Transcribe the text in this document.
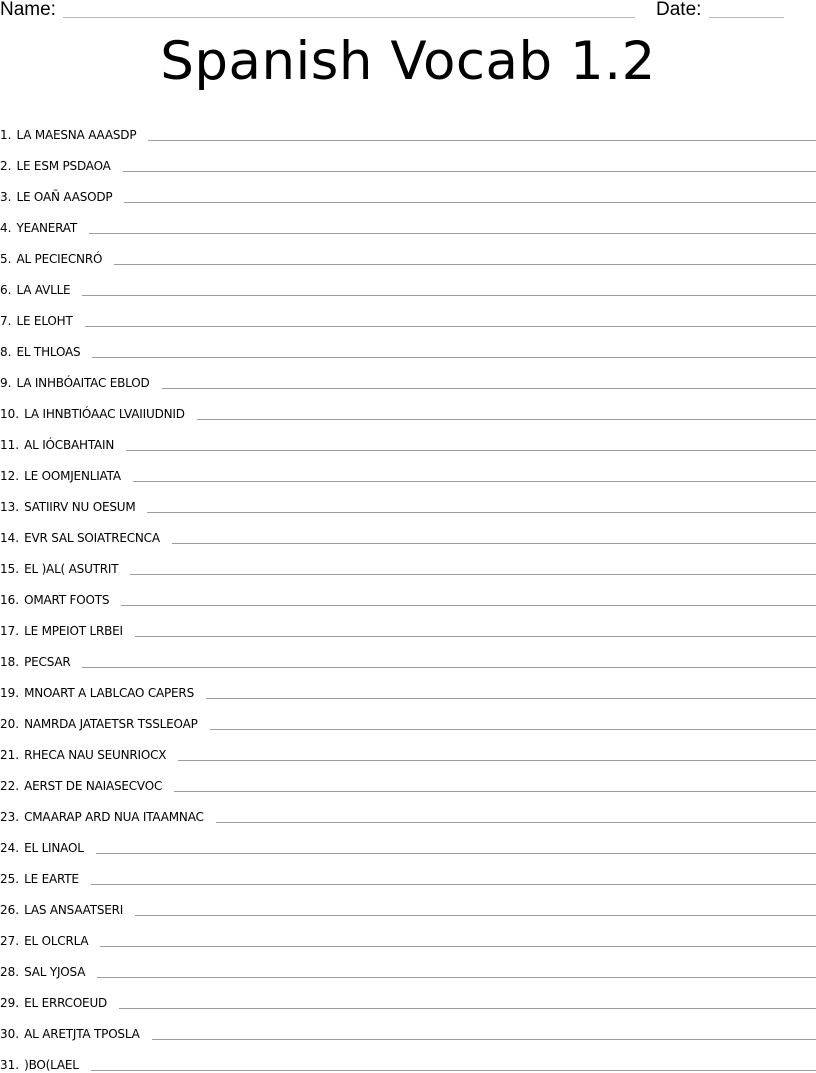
Name:	Date:
Spanish Vocab 1.2
1. LA MAESNA AAASDP
2. LE ESM PSDAOA
3. LE OAÑ AASODP
4. YEANERAT
5. AL PECIECNRÓ
6. LA AVLLE
7. LE ELOHT
8. EL THLOAS
9. LA INHBÓAITAC EBLOD
10. LA IHNBTIÓAAC LVAIIUDNID
11. AL IÓCBAHTAIN
12. LE OOMJENLIATA
13. SATIIRV NU OESUM
14. EVR SAL SOIATRECNCA
15. EL )AL( ASUTRIT
16. OMART FOOTS
17. LE MPEIOT LRBEI
18. PECSAR
19. MNOART A LABLCAO CAPERS
20. NAMRDA JATAETSR TSSLEOAP
21. RHECA NAU SEUNRIOCX
22. AERST DE NAIASECVOC
23. CMAARAP ARD NUA ITAAMNAC
24. EL LINAOL
25. LE EARTE
26. LAS ANSAATSERI
27. EL OLCRLA
28. SAL YJOSA
29. EL ERRCOEUD
30. AL ARETJTA TPOSLA
31. )BO(LAEL
